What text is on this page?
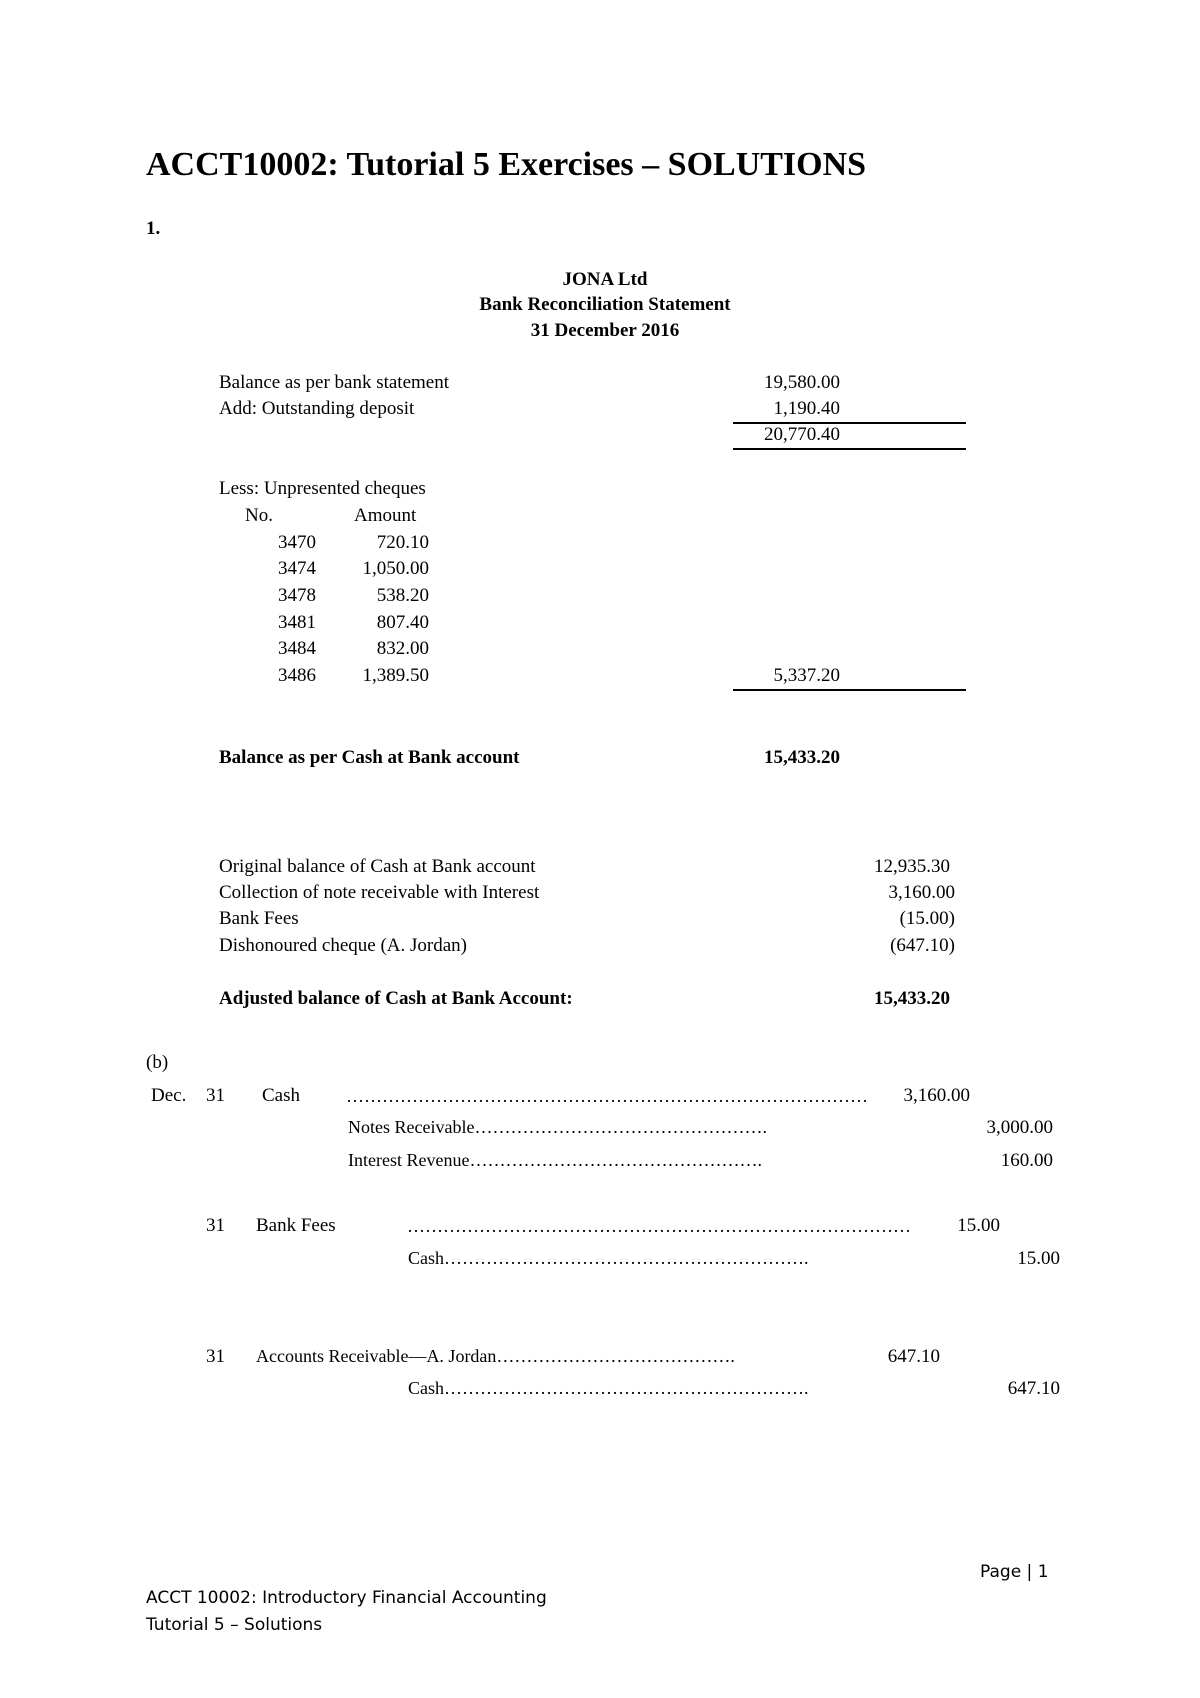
ACCT10002: Tutorial 5 Exercises – SOLUTIONS
1.
JONA Ltd
Bank Reconciliation Statement
31 December 2016
Balance as per bank statement	19,580.00
Add: Outstanding deposit	1,190.40
20,770.40
Less: Unpresented cheques
No.	Amount
3470	720.10
3474	1,050.00
3478	538.20
3481	807.40
3484	832.00
3486	1,389.50	5,337.20
Balance as per Cash at Bank account	15,433.20
Original balance of Cash at Bank account	12,935.30
Collection of note receivable with Interest	3,160.00
Bank Fees	(15.00)
Dishonoured cheque (A. Jordan)	(647.10)
Adjusted balance of Cash at Bank Account:	15,433.20
(b)
Dec. 31 Cash	……………………………………………………………………………	3,160.00
Notes Receivable………………………………………….	3,000.00
Interest Revenue………………………………………….	160.00
31 Bank Fees	…………………………………………………………………………	15.00
Cash…………………………………………………….	15.00
31 Accounts Receivable—A. Jordan………………………………….	647.10
Cash…………………………………………………….	647.10
Page | 1
ACCT 10002: Introductory Financial Accounting
Tutorial 5 – Solutions
